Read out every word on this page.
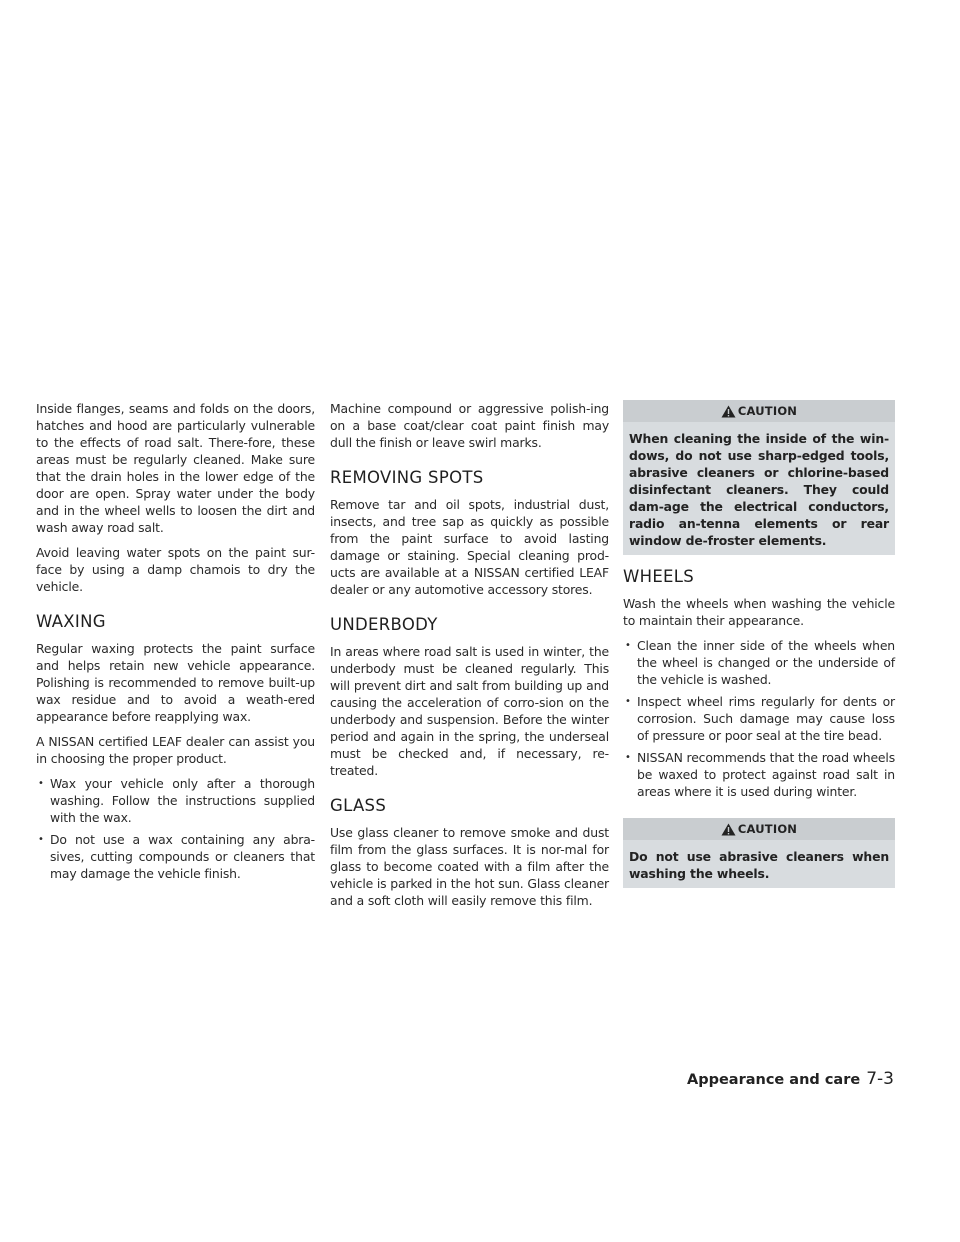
Inside flanges, seams and folds on the doors, hatches and hood are particularly vulnerable to the effects of road salt. There-fore, these areas must be regularly cleaned. Make sure that the drain holes in the lower edge of the door are open. Spray water under the body and in the wheel wells to loosen the dirt and wash away road salt.

Avoid leaving water spots on the paint sur-face by using a damp chamois to dry the vehicle.

WAXING

Regular waxing protects the paint surface and helps retain new vehicle appearance. Polishing is recommended to remove built-up wax residue and to avoid a weath-ered appearance before reapplying wax.

A NISSAN certified LEAF dealer can assist you in choosing the proper product.

• Wax your vehicle only after a thorough washing. Follow the instructions supplied with the wax.
• Do not use a wax containing any abra-sives, cutting compounds or cleaners that may damage the vehicle finish.

Machine compound or aggressive polish-ing on a base coat/clear coat paint finish may dull the finish or leave swirl marks.

REMOVING SPOTS

Remove tar and oil spots, industrial dust, insects, and tree sap as quickly as possible from the paint surface to avoid lasting damage or staining. Special cleaning prod-ucts are available at a NISSAN certified LEAF dealer or any automotive accessory stores.

UNDERBODY

In areas where road salt is used in winter, the underbody must be cleaned regularly. This will prevent dirt and salt from building up and causing the acceleration of corro-sion on the underbody and suspension. Before the winter period and again in the spring, the underseal must be checked and, if necessary, re-treated.

GLASS

Use glass cleaner to remove smoke and dust film from the glass surfaces. It is nor-mal for glass to become coated with a film after the vehicle is parked in the hot sun. Glass cleaner and a soft cloth will easily remove this film.

CAUTION
When cleaning the inside of the win-dows, do not use sharp-edged tools, abrasive cleaners or chlorine-based disinfectant cleaners. They could dam-age the electrical conductors, radio an-tenna elements or rear window de-froster elements.
WHEELS

Wash the wheels when washing the vehicle to maintain their appearance.

• Clean the inner side of the wheels when the wheel is changed or the underside of the vehicle is washed.
• Inspect wheel rims regularly for dents or corrosion. Such damage may cause loss of pressure or poor seal at the tire bead.
• NISSAN recommends that the road wheels be waxed to protect against road salt in areas where it is used during winter.
CAUTION
Do not use abrasive cleaners when washing the wheels.
Appearance and care 7-3
